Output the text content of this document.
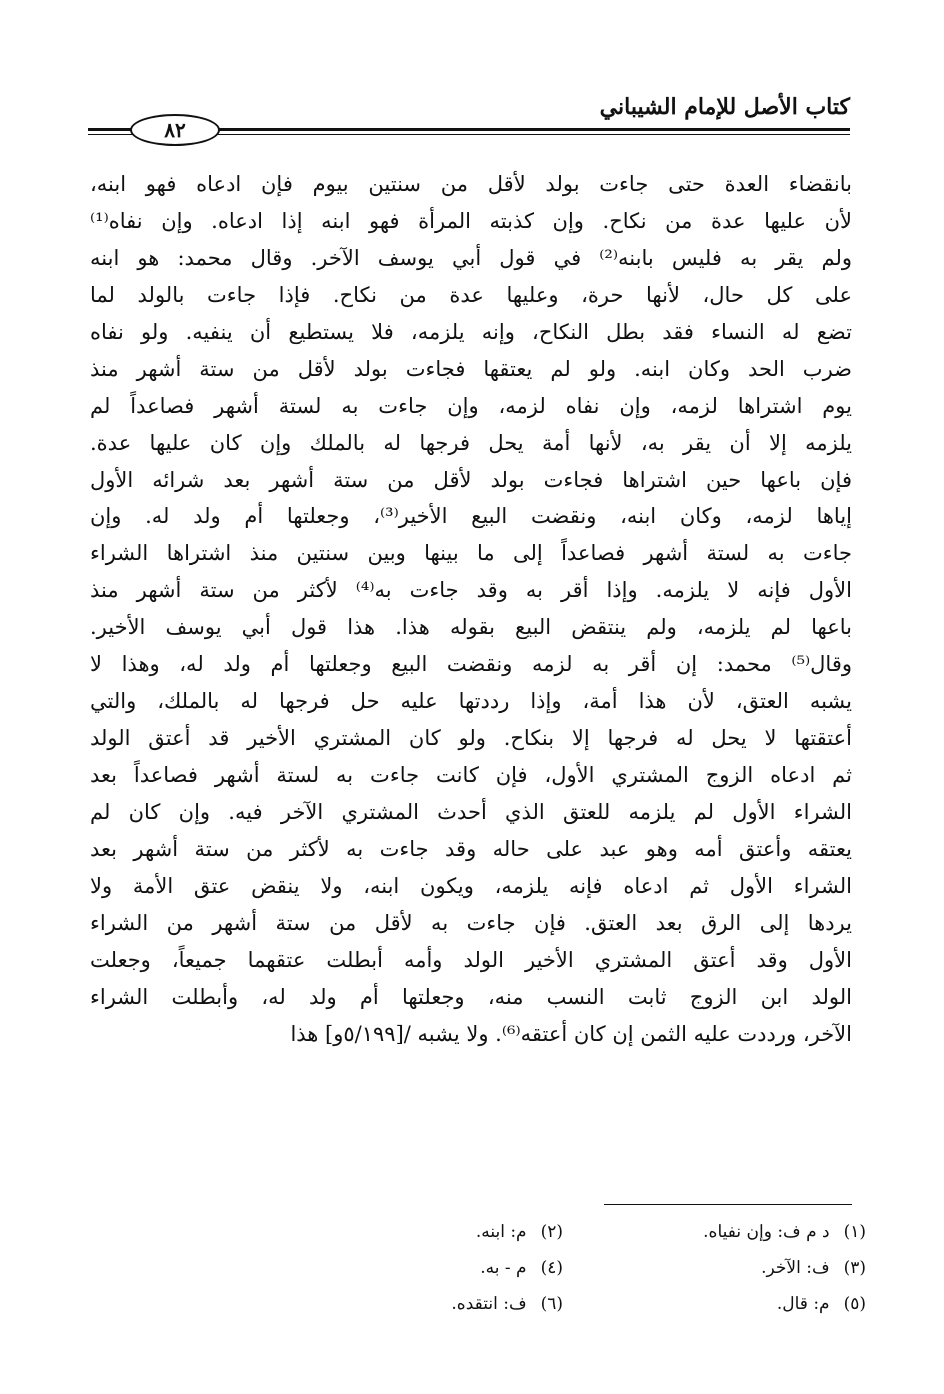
كتاب الأصل للإمام الشيباني
٨٢
بانقضاء العدة حتى جاءت بولد لأقل من سنتين بيوم فإن ادعاه فهو ابنه،
لأن عليها عدة من نكاح. وإن كذبته المرأة فهو ابنه إذا ادعاه. وإن نفاه⁽¹⁾
ولم يقر به فليس بابنه⁽²⁾ في قول أبي يوسف الآخر. وقال محمد: هو ابنه
على كل حال، لأنها حرة، وعليها عدة من نكاح. فإذا جاءت بالولد لما
تضع له النساء فقد بطل النكاح، وإنه يلزمه، فلا يستطيع أن ينفيه. ولو نفاه
ضرب الحد وكان ابنه. ولو لم يعتقها فجاءت بولد لأقل من ستة أشهر منذ
يوم اشتراها لزمه، وإن نفاه لزمه، وإن جاءت به لستة أشهر فصاعداً لم
يلزمه إلا أن يقر به، لأنها أمة يحل فرجها له بالملك وإن كان عليها عدة.
فإن باعها حين اشتراها فجاءت بولد لأقل من ستة أشهر بعد شرائه الأول
إياها لزمه، وكان ابنه، ونقضت البيع الأخير⁽³⁾، وجعلتها أم ولد له. وإن
جاءت به لستة أشهر فصاعداً إلى ما بينها وبين سنتين منذ اشتراها الشراء
الأول فإنه لا يلزمه. وإذا أقر به وقد جاءت به⁽⁴⁾ لأكثر من ستة أشهر منذ
باعها لم يلزمه، ولم ينتقض البيع بقوله هذا. هذا قول أبي يوسف الأخير.
وقال⁽⁵⁾ محمد: إن أقر به لزمه ونقضت البيع وجعلتها أم ولد له، وهذا لا
يشبه العتق، لأن هذا أمة، وإذا رددتها عليه حل فرجها له بالملك، والتي
أعتقتها لا يحل له فرجها إلا بنكاح. ولو كان المشتري الأخير قد أعتق الولد
ثم ادعاه الزوج المشتري الأول، فإن كانت جاءت به لستة أشهر فصاعداً بعد
الشراء الأول لم يلزمه للعتق الذي أحدث المشتري الآخر فيه. وإن كان لم
يعتقه وأعتق أمه وهو عبد على حاله وقد جاءت به لأكثر من ستة أشهر بعد
الشراء الأول ثم ادعاه فإنه يلزمه، ويكون ابنه، ولا ينقض عتق الأمة ولا
يردها إلى الرق بعد العتق. فإن جاءت به لأقل من ستة أشهر من الشراء
الأول وقد أعتق المشتري الأخير الولد وأمه أبطلت عتقهما جميعاً، وجعلت
الولد ابن الزوج ثابت النسب منه، وجعلتها أم ولد له، وأبطلت الشراء
الآخر، ورددت عليه الثمن إن كان أعتقه⁽⁶⁾. ولا يشبه /[٥/١٩٩و] هذا
(١)د م ف: وإن نفياه.
(٢)م: ابنه.
(٣)ف: الآخر.
(٤)م - به.
(٥)م: قال.
(٦)ف: انتقده.
